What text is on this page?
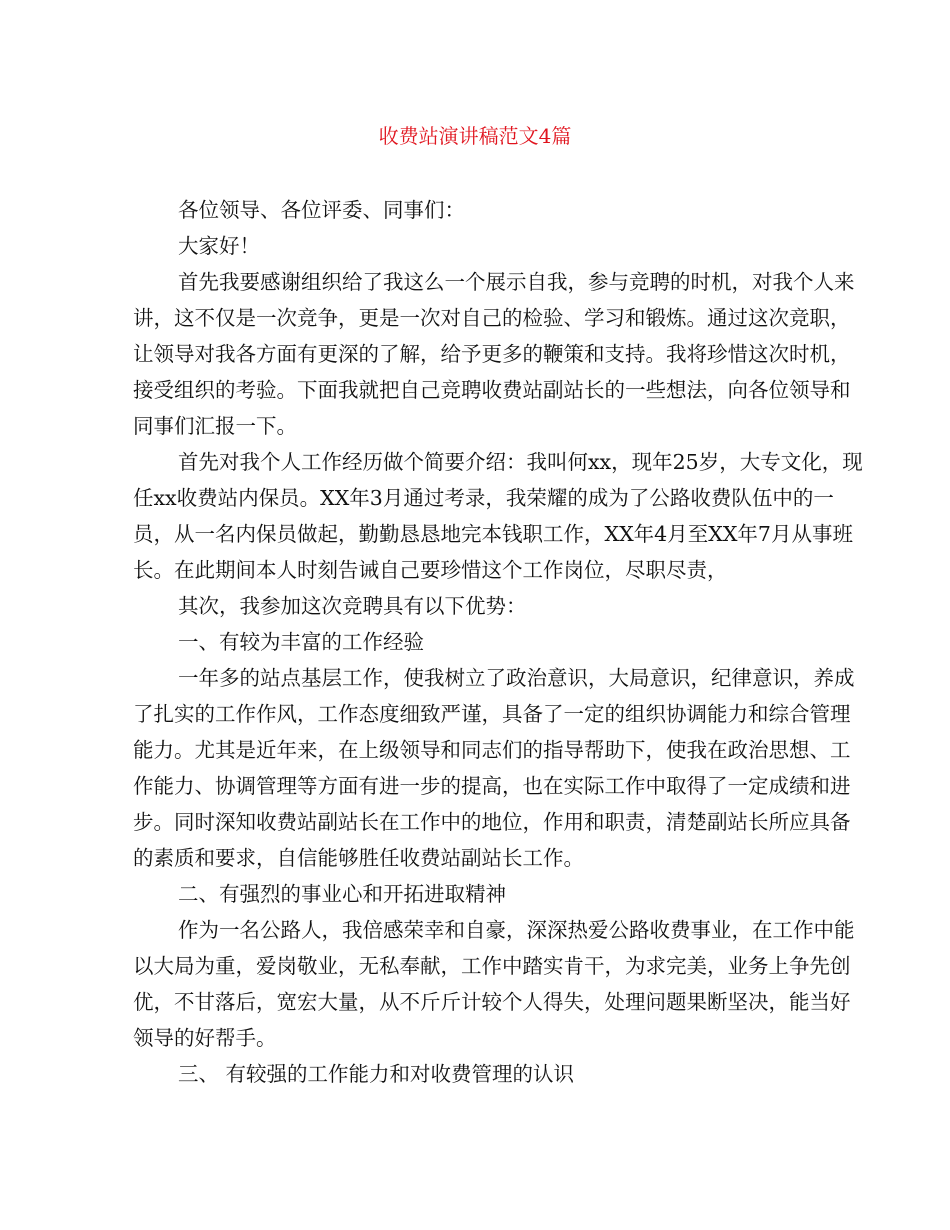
收费站演讲稿范文4篇
各位领导、各位评委、同事们：
大家好！
首先我要感谢组织给了我这么一个展示自我，参与竞聘的时机，对我个人来
讲，这不仅是一次竞争，更是一次对自己的检验、学习和锻炼。通过这次竞职，
让领导对我各方面有更深的了解，给予更多的鞭策和支持。我将珍惜这次时机，
接受组织的考验。下面我就把自己竞聘收费站副站长的一些想法，向各位领导和
同事们汇报一下。
首先对我个人工作经历做个简要介绍：我叫何xx，现年25岁，大专文化，现
任xx收费站内保员。XX年3月通过考录，我荣耀的成为了公路收费队伍中的一
员，从一名内保员做起，勤勤恳恳地完本钱职工作，XX年4月至XX年7月从事班
长。在此期间本人时刻告诫自己要珍惜这个工作岗位，尽职尽责，
其次，我参加这次竞聘具有以下优势：
一、有较为丰富的工作经验
一年多的站点基层工作，使我树立了政治意识，大局意识，纪律意识，养成
了扎实的工作作风，工作态度细致严谨，具备了一定的组织协调能力和综合管理
能力。尤其是近年来，在上级领导和同志们的指导帮助下，使我在政治思想、工
作能力、协调管理等方面有进一步的提高，也在实际工作中取得了一定成绩和进
步。同时深知收费站副站长在工作中的地位，作用和职责，清楚副站长所应具备
的素质和要求，自信能够胜任收费站副站长工作。
二、有强烈的事业心和开拓进取精神
作为一名公路人，我倍感荣幸和自豪，深深热爱公路收费事业，在工作中能
以大局为重，爱岗敬业，无私奉献，工作中踏实肯干，为求完美，业务上争先创
优，不甘落后，宽宏大量，从不斤斤计较个人得失，处理问题果断坚决，能当好
领导的好帮手。
三、 有较强的工作能力和对收费管理的认识
